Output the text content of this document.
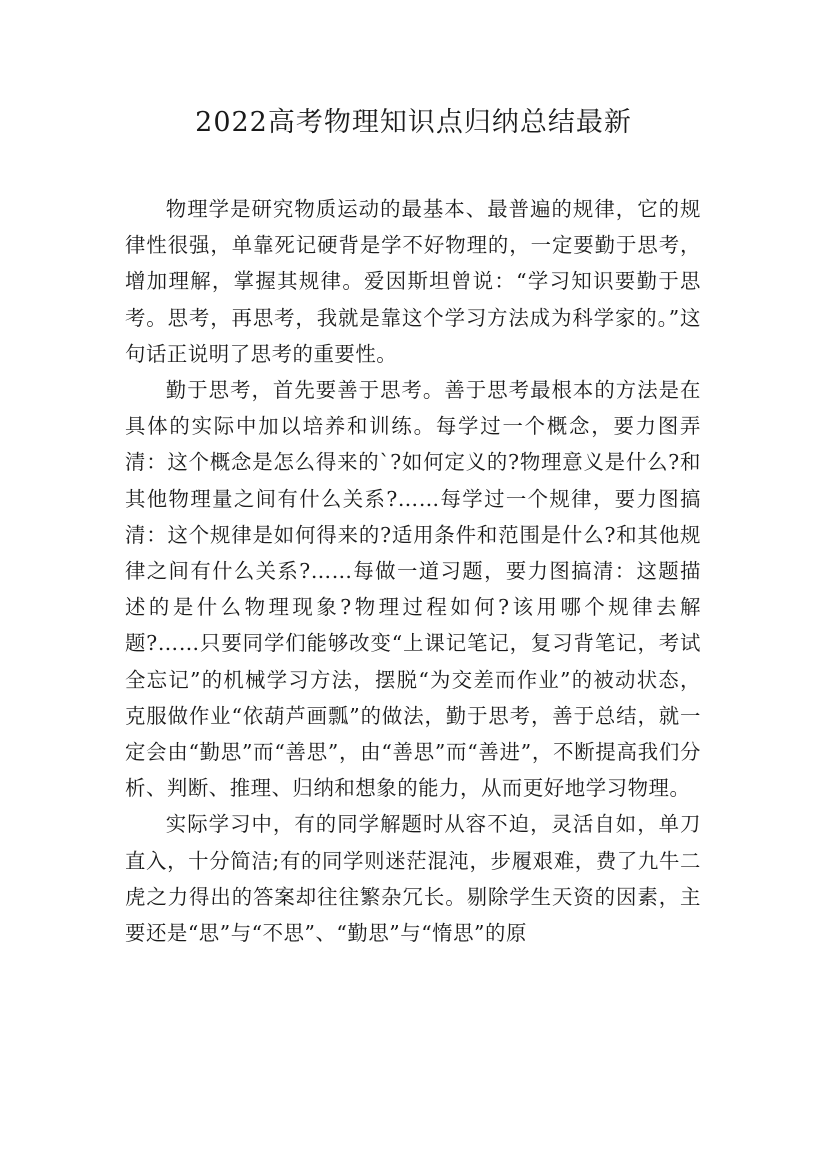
2022高考物理知识点归纳总结最新

物理学是研究物质运动的最基本、最普遍的规律，它的规律性很强，单靠死记硬背是学不好物理的，一定要勤于思考，增加理解，掌握其规律。爱因斯坦曾说：“学习知识要勤于思考。思考，再思考，我就是靠这个学习方法成为科学家的。”这句话正说明了思考的重要性。

勤于思考，首先要善于思考。善于思考最根本的方法是在具体的实际中加以培养和训练。每学过一个概念，要力图弄清：这个概念是怎么得来的`?如何定义的?物理意义是什么?和其他物理量之间有什么关系?……每学过一个规律，要力图搞清：这个规律是如何得来的?适用条件和范围是什么?和其他规律之间有什么关系?……每做一道习题，要力图搞清：这题描述的是什么物理现象?物理过程如何?该用哪个规律去解题?……只要同学们能够改变“上课记笔记，复习背笔记，考试全忘记”的机械学习方法，摆脱“为交差而作业”的被动状态，克服做作业“依葫芦画瓢”的做法，勤于思考，善于总结，就一定会由“勤思”而“善思”，由“善思”而“善进”，不断提高我们分析、判断、推理、归纳和想象的能力，从而更好地学习物理。

实际学习中，有的同学解题时从容不迫，灵活自如，单刀直入，十分简洁;有的同学则迷茫混沌，步履艰难，费了九牛二虎之力得出的答案却往往繁杂冗长。剔除学生天资的因素，主要还是“思”与“不思”、“勤思”与“惰思”的原
